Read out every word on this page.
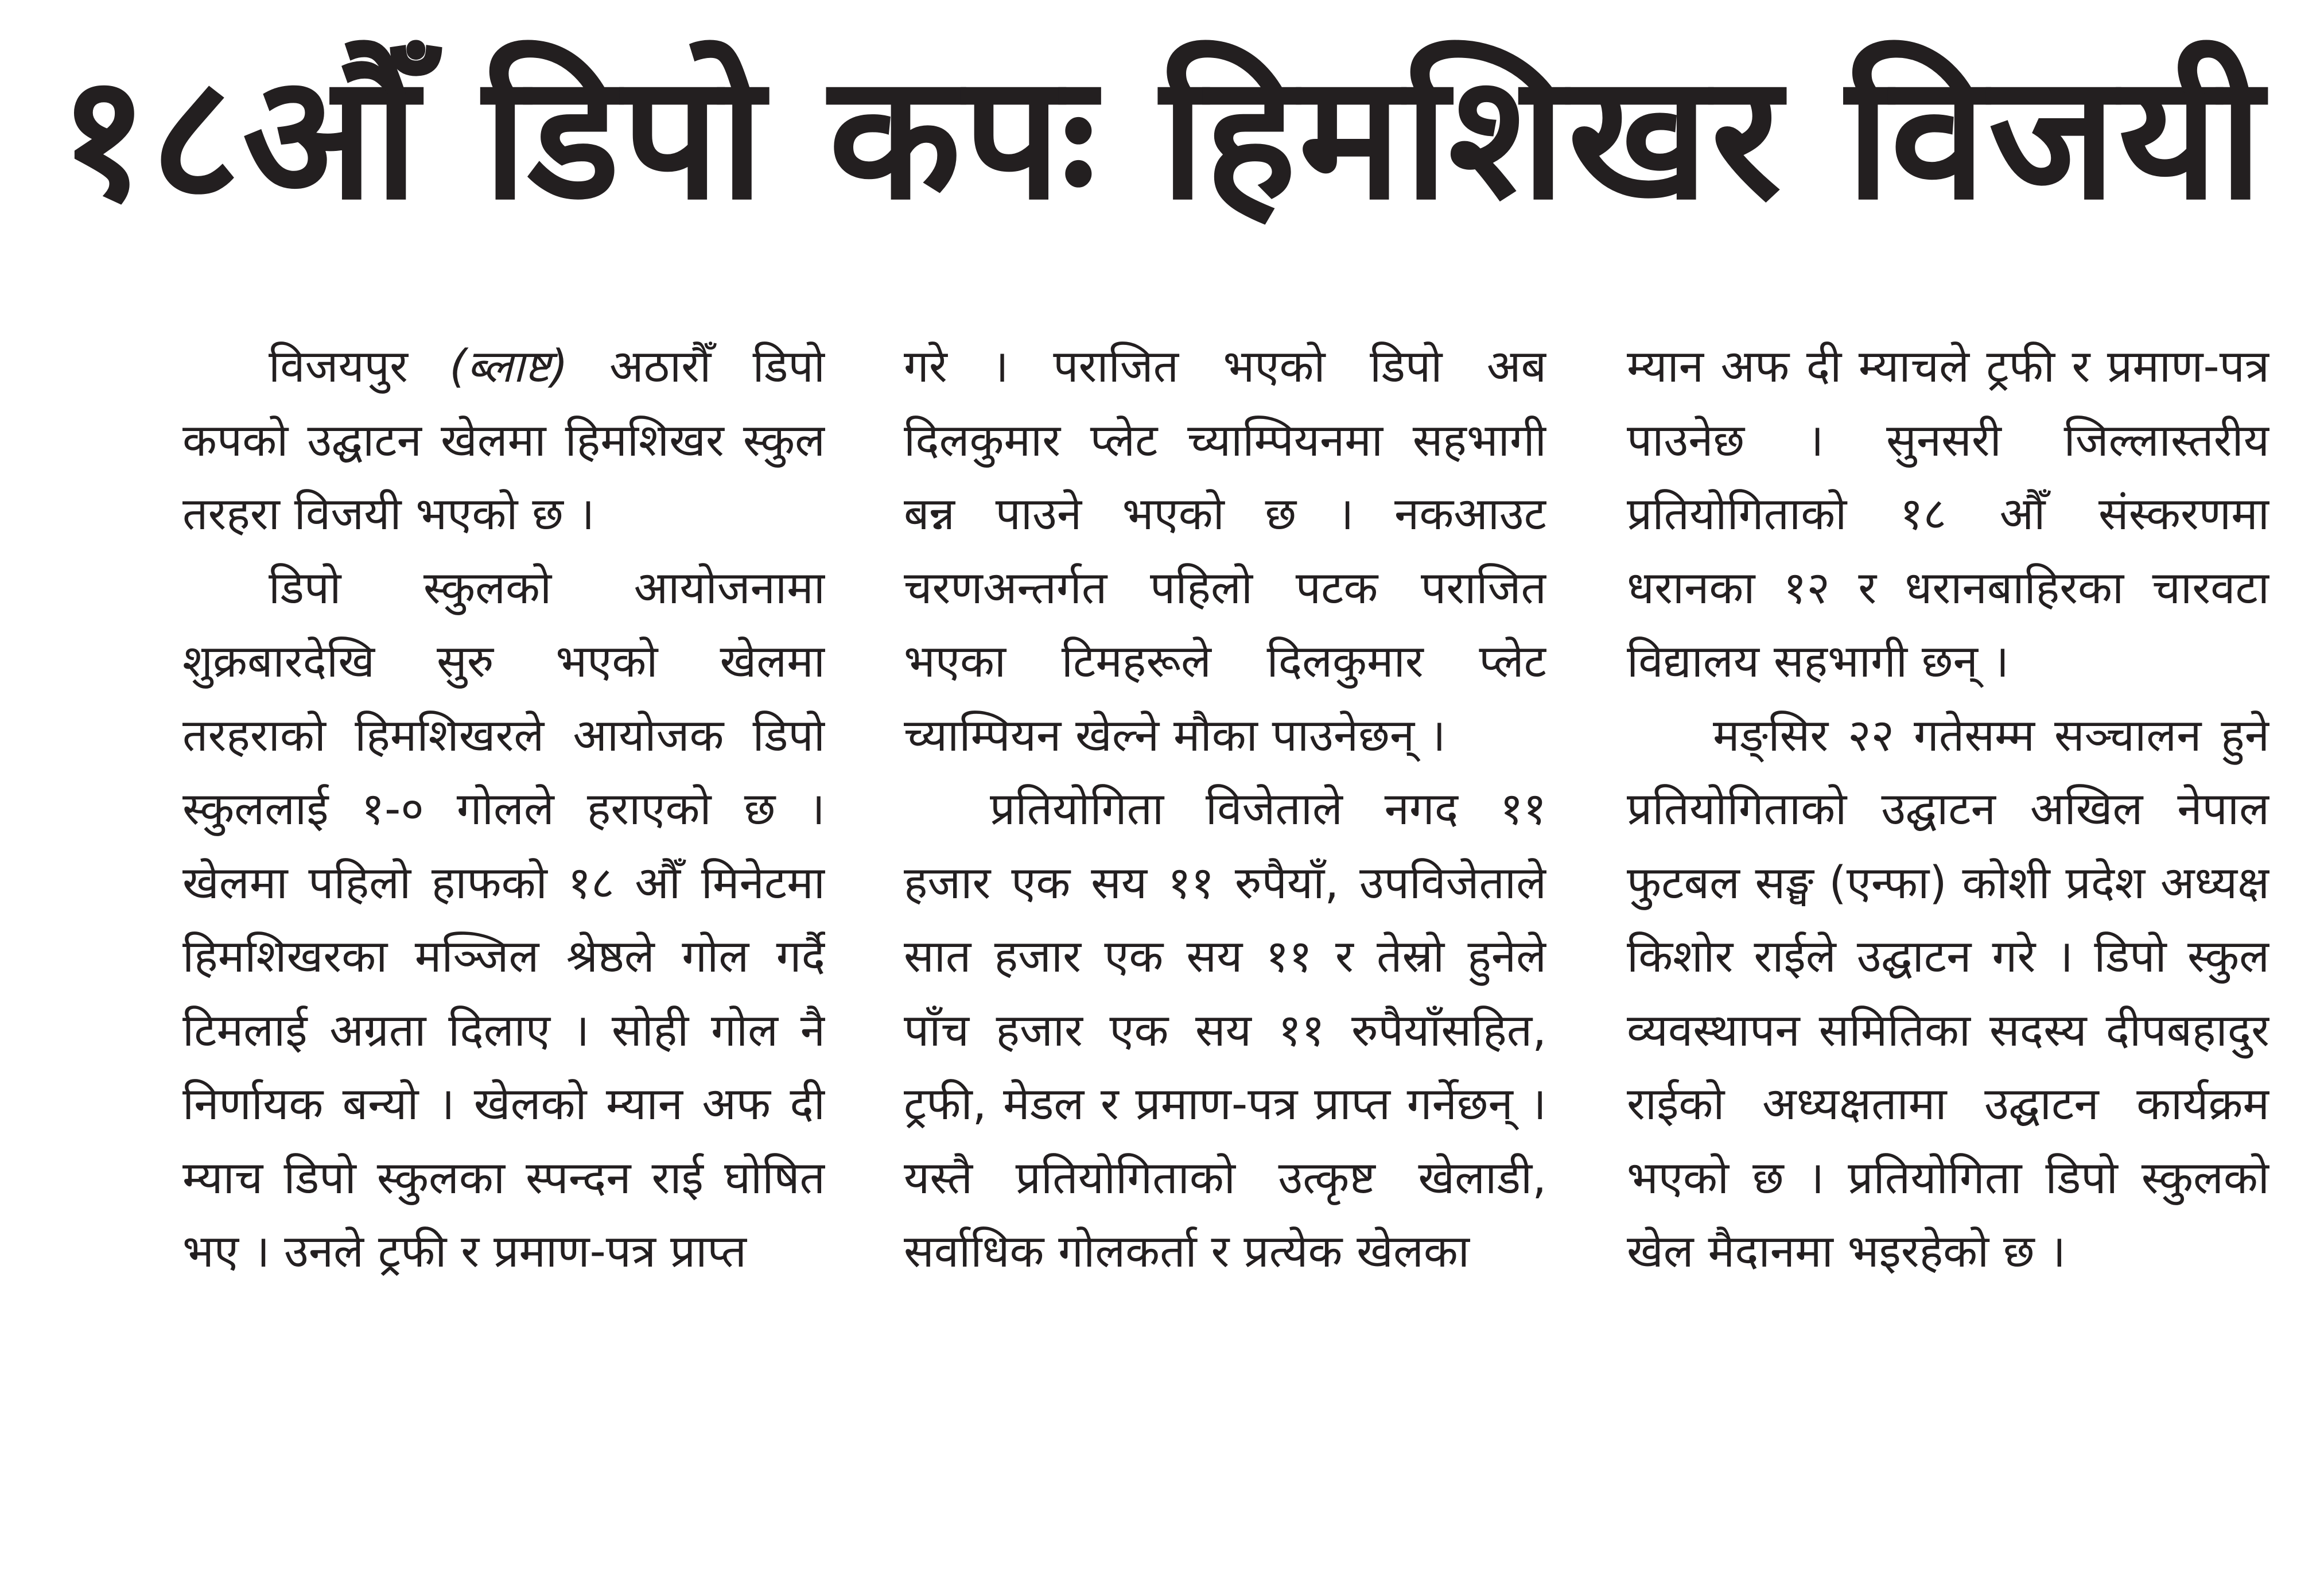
१८औँ डिपो कपः हिमशिखर विजयी

विजयपुर (ब्लाष्ट) अठारौँ डिपो कपको उद्घाटन खेलमा हिमशिखर स्कुल तरहरा विजयी भएको छ ।

डिपो स्कुलको आयोजनामा शुक्रबारदेखि सुरु भएको खेलमा तरहराको हिमशिखरले आयोजक डिपो स्कुललाई १-० गोलले हराएको छ । खेलमा पहिलो हाफको १८ औँ मिनेटमा हिमशिखरका मञ्जिल श्रेष्ठले गोल गर्दै टिमलाई अग्रता दिलाए । सोही गोल नै निर्णायक बन्यो । खेलको म्यान अफ दी म्याच डिपो स्कुलका स्पन्दन राई घोषित भए । उनले ट्रफी र प्रमाण-पत्र प्राप्त

गरे । पराजित भएको डिपो अब दिलकुमार प्लेट च्याम्पियनमा सहभागी बन्न पाउने भएको छ । नकआउट चरणअन्तर्गत पहिलो पटक पराजित भएका टिमहरूले दिलकुमार प्लेट च्याम्पियन खेल्ने मौका पाउनेछन् ।

प्रतियोगिता विजेताले नगद ११ हजार एक सय ११ रुपैयाँ, उपविजेताले सात हजार एक सय ११ र तेस्रो हुनेले पाँच हजार एक सय ११ रुपैयाँसहित, ट्रफी, मेडल र प्रमाण-पत्र प्राप्त गर्नेछन् । यस्तै प्रतियोगिताको उत्कृष्ट खेलाडी, सर्वाधिक गोलकर्ता र प्रत्येक खेलका

म्यान अफ दी म्याचले ट्रफी र प्रमाण-पत्र पाउनेछ । सुनसरी जिल्लास्तरीय प्रतियोगिताको १८ औँ संस्करणमा धरानका १२ र धरानबाहिरका चारवटा विद्यालय सहभागी छन् ।

मङ्सिर २२ गतेसम्म सञ्चालन हुने प्रतियोगिताको उद्घाटन अखिल नेपाल फुटबल सङ्घ (एन्फा) कोशी प्रदेश अध्यक्ष किशोर राईले उद्घाटन गरे । डिपो स्कुल व्यवस्थापन समितिका सदस्य दीपबहादुर राईको अध्यक्षतामा उद्घाटन कार्यक्रम भएको छ । प्रतियोगिता डिपो स्कुलको खेल मैदानमा भइरहेको छ ।
